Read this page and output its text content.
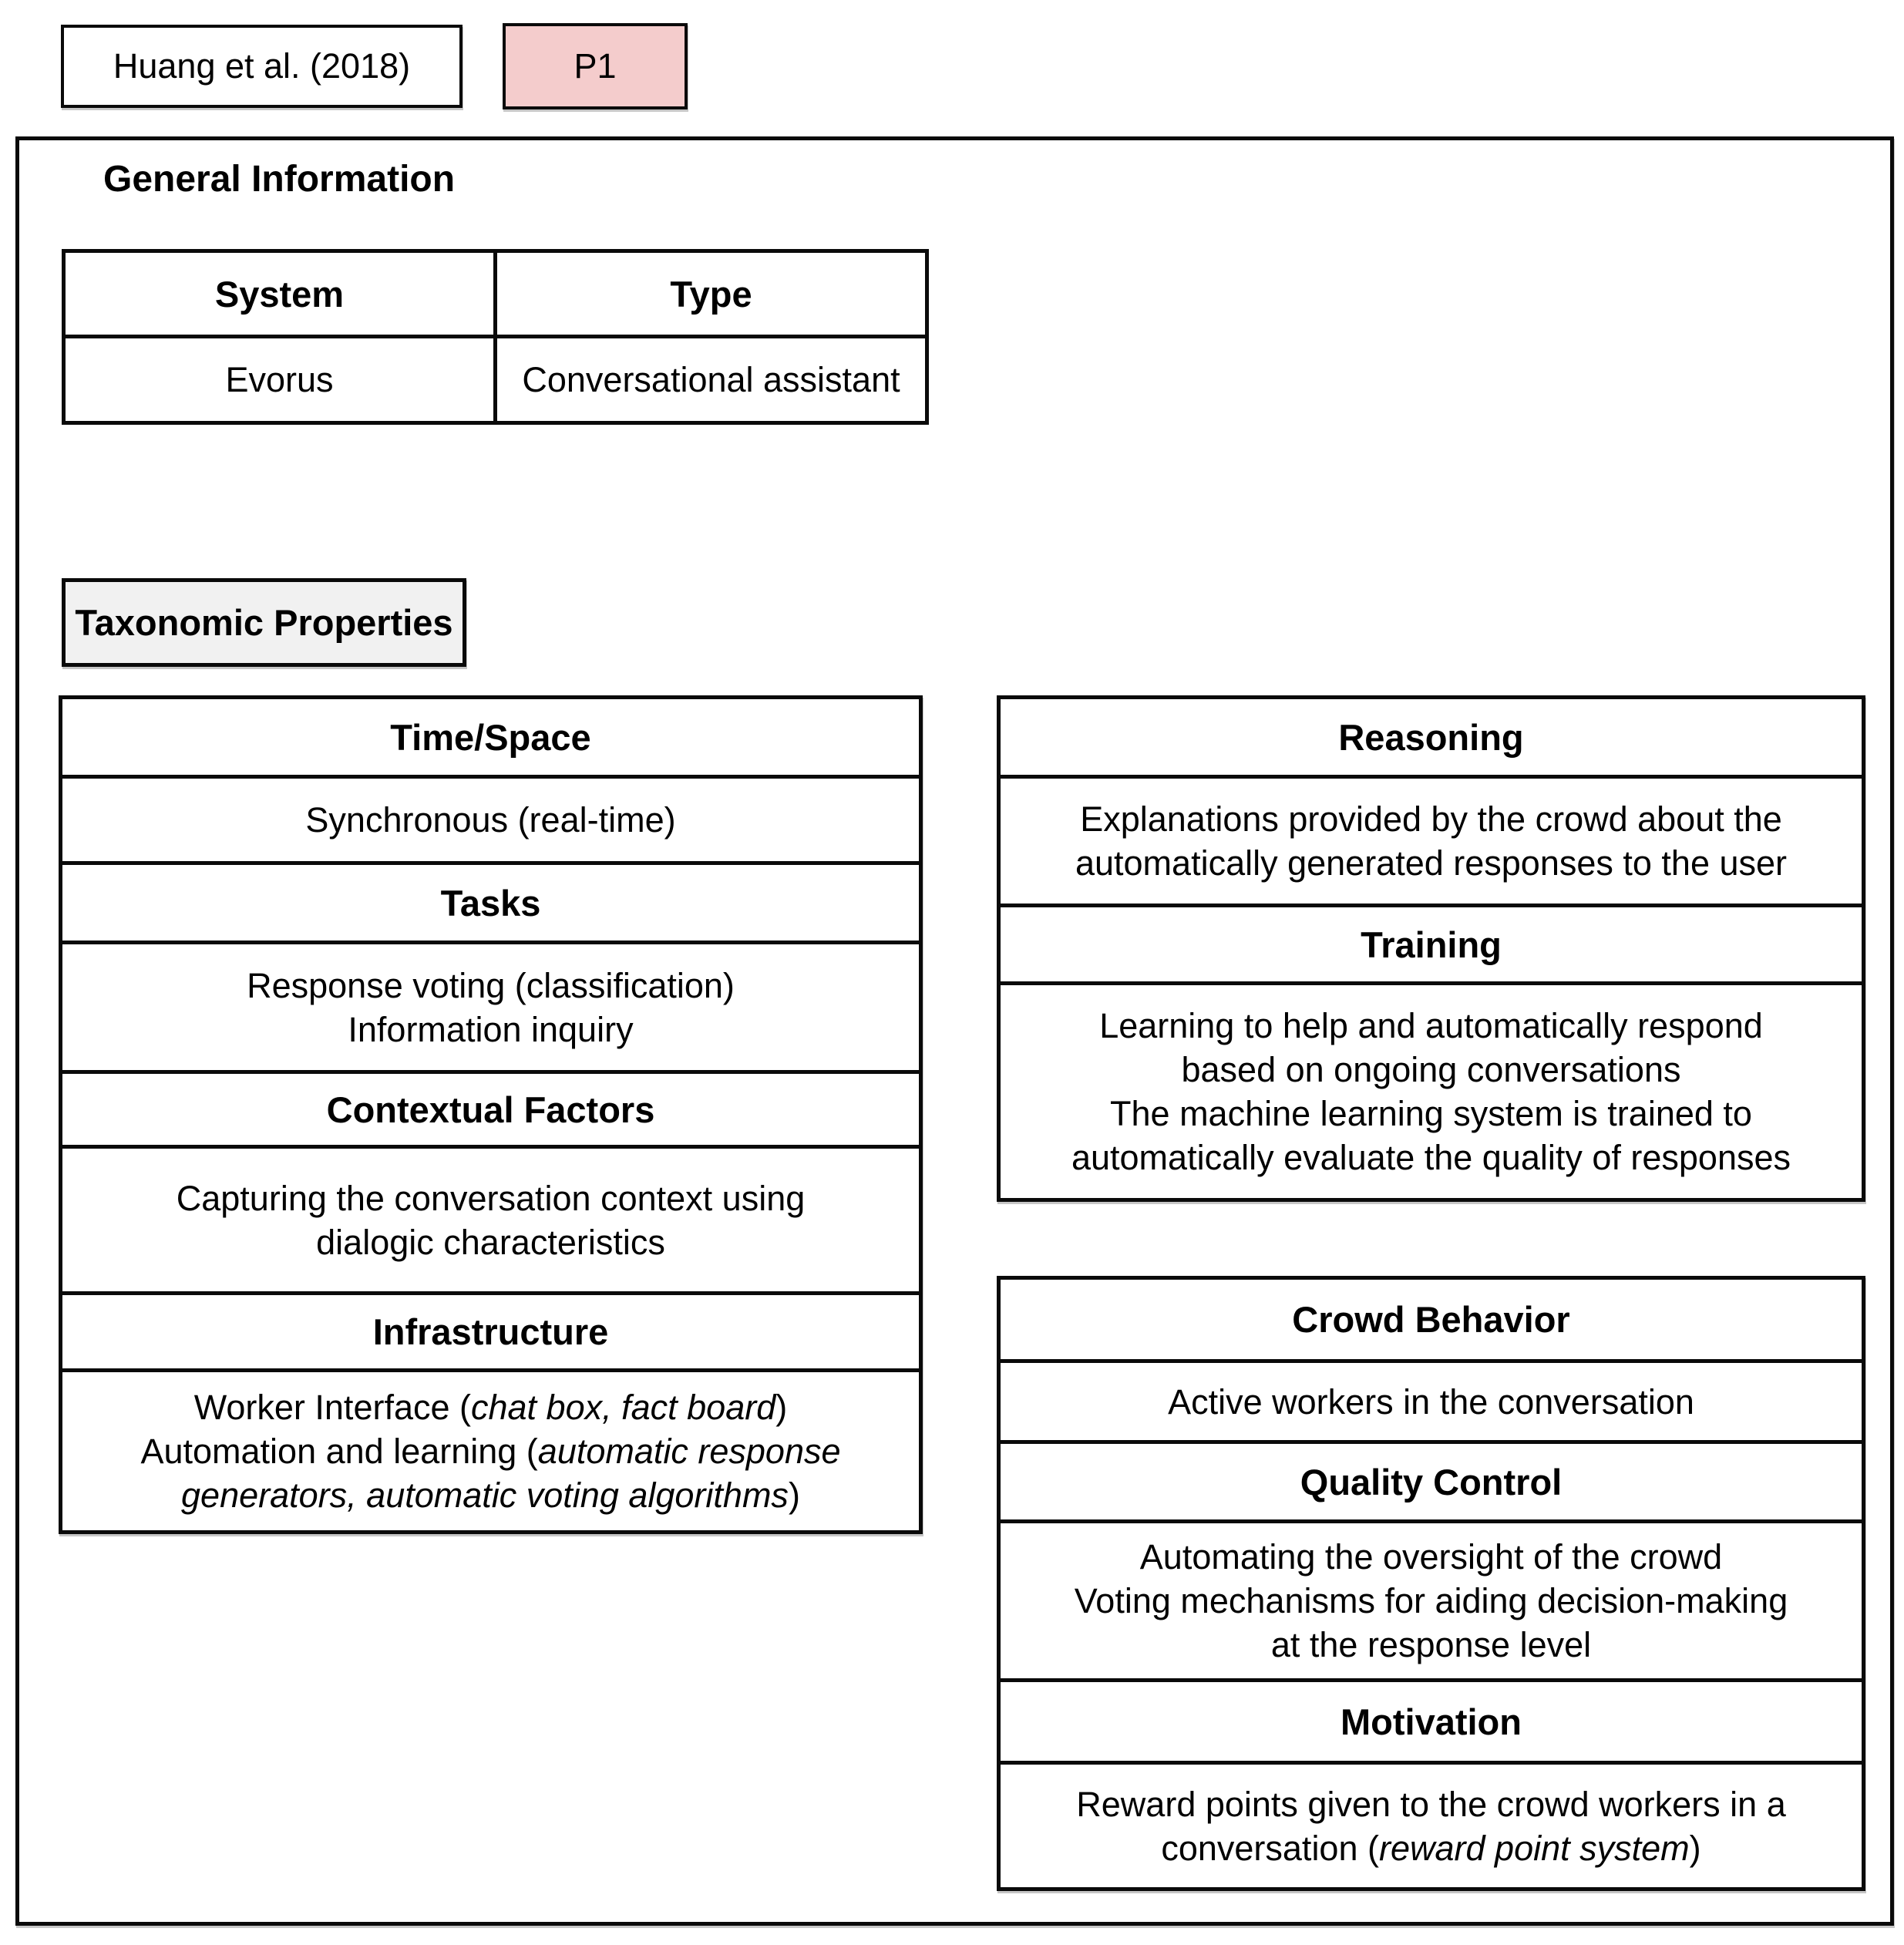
Huang et al. (2018)	P1
General Information
System	Type
Evorus	Conversational assistant
Taxonomic Properties
Time/Space
Synchronous (real-time)
Tasks
Response voting (classification)
Information inquiry
Contextual Factors
Capturing the conversation context using
dialogic characteristics
Infrastructure
Worker Interface (chat box, fact board)
Automation and learning (automatic response
generators, automatic voting algorithms)
Reasoning
Explanations provided by the crowd about the
automatically generated responses to the user
Training
Learning to help and automatically respond
based on ongoing conversations
The machine learning system is trained to
automatically evaluate the quality of responses
Crowd Behavior
Active workers in the conversation
Quality Control
Automating the oversight of the crowd
Voting mechanisms for aiding decision-making
at the response level
Motivation
Reward points given to the crowd workers in a
conversation (reward point system)
